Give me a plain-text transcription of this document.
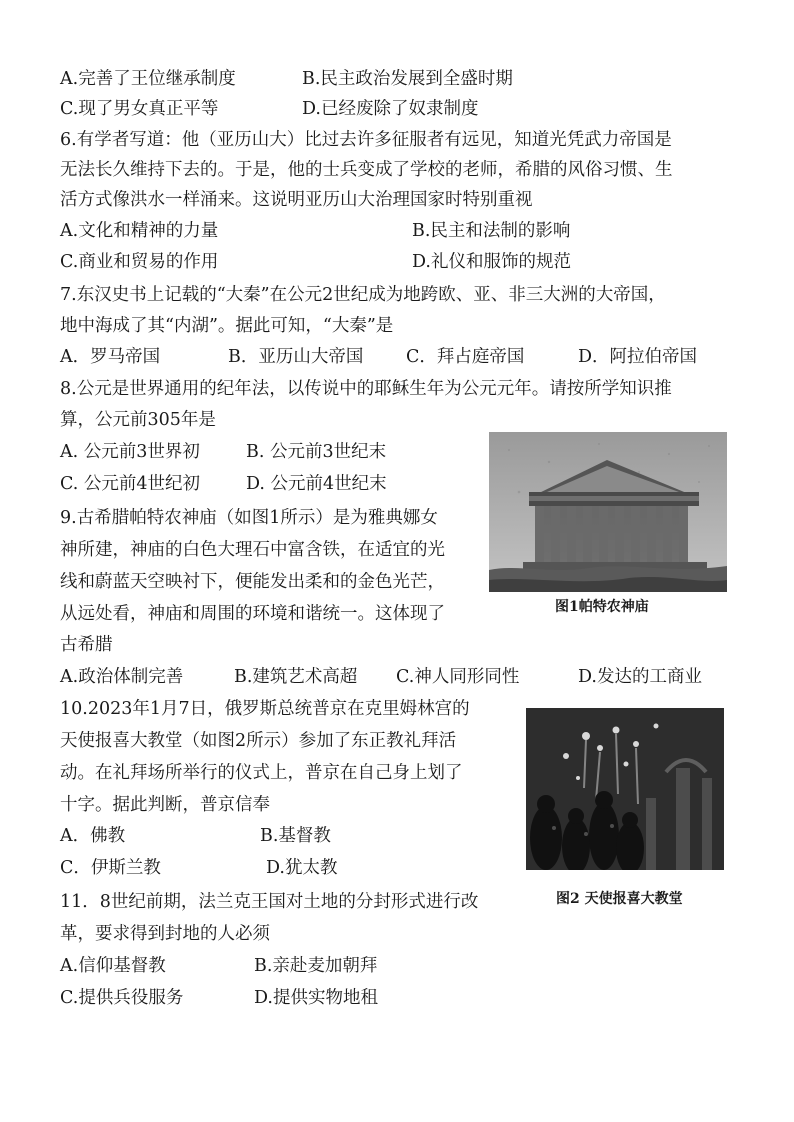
A.完善了王位继承制度	B.民主政治发展到全盛时期
C.现了男女真正平等	D.已经废除了奴隶制度
6.有学者写道：他（亚历山大）比过去许多征服者有远见，知道光凭武力帝国是
无法长久维持下去的。于是，他的士兵变成了学校的老师，希腊的风俗习惯、生
活方式像洪水一样涌来。这说明亚历山大治理国家时特别重视
A.文化和精神的力量	B.民主和法制的影响
C.商业和贸易的作用	D.礼仪和服饰的规范
7.东汉史书上记载的“大秦”在公元2世纪成为地跨欧、亚、非三大洲的大帝国，
地中海成了其“内湖”。据此可知，“大秦”是
A．罗马帝国	B．亚历山大帝国 C．拜占庭帝国	D．阿拉伯帝国
8.公元是世界通用的纪年法，以传说中的耶稣生年为公元元年。请按所学知识推
算，公元前305年是
A. 公元前3世界初	B. 公元前3世纪末
C. 公元前4世纪初	D. 公元前4世纪末
图1帕特农神庙
9.古希腊帕特农神庙（如图1所示）是为雅典娜女
神所建，神庙的白色大理石中富含铁，在适宜的光
线和蔚蓝天空映衬下，便能发出柔和的金色光芒，
从远处看，神庙和周围的环境和谐统一。这体现了
古希腊
A.政治体制完善	B.建筑艺术高超 C.神人同形同性	D.发达的工商业
10.2023年1月7日，俄罗斯总统普京在克里姆林宫的
天使报喜大教堂（如图2所示）参加了东正教礼拜活
动。在礼拜场所举行的仪式上，普京在自己身上划了
十字。据此判断，普京信奉
A．佛教	B.基督教
C．伊斯兰教	D.犹太教
图2 天使报喜大教堂
11．8世纪前期，法兰克王国对土地的分封形式进行改
革，要求得到封地的人必须
A.信仰基督教	B.亲赴麦加朝拜
C.提供兵役服务	D.提供实物地租
